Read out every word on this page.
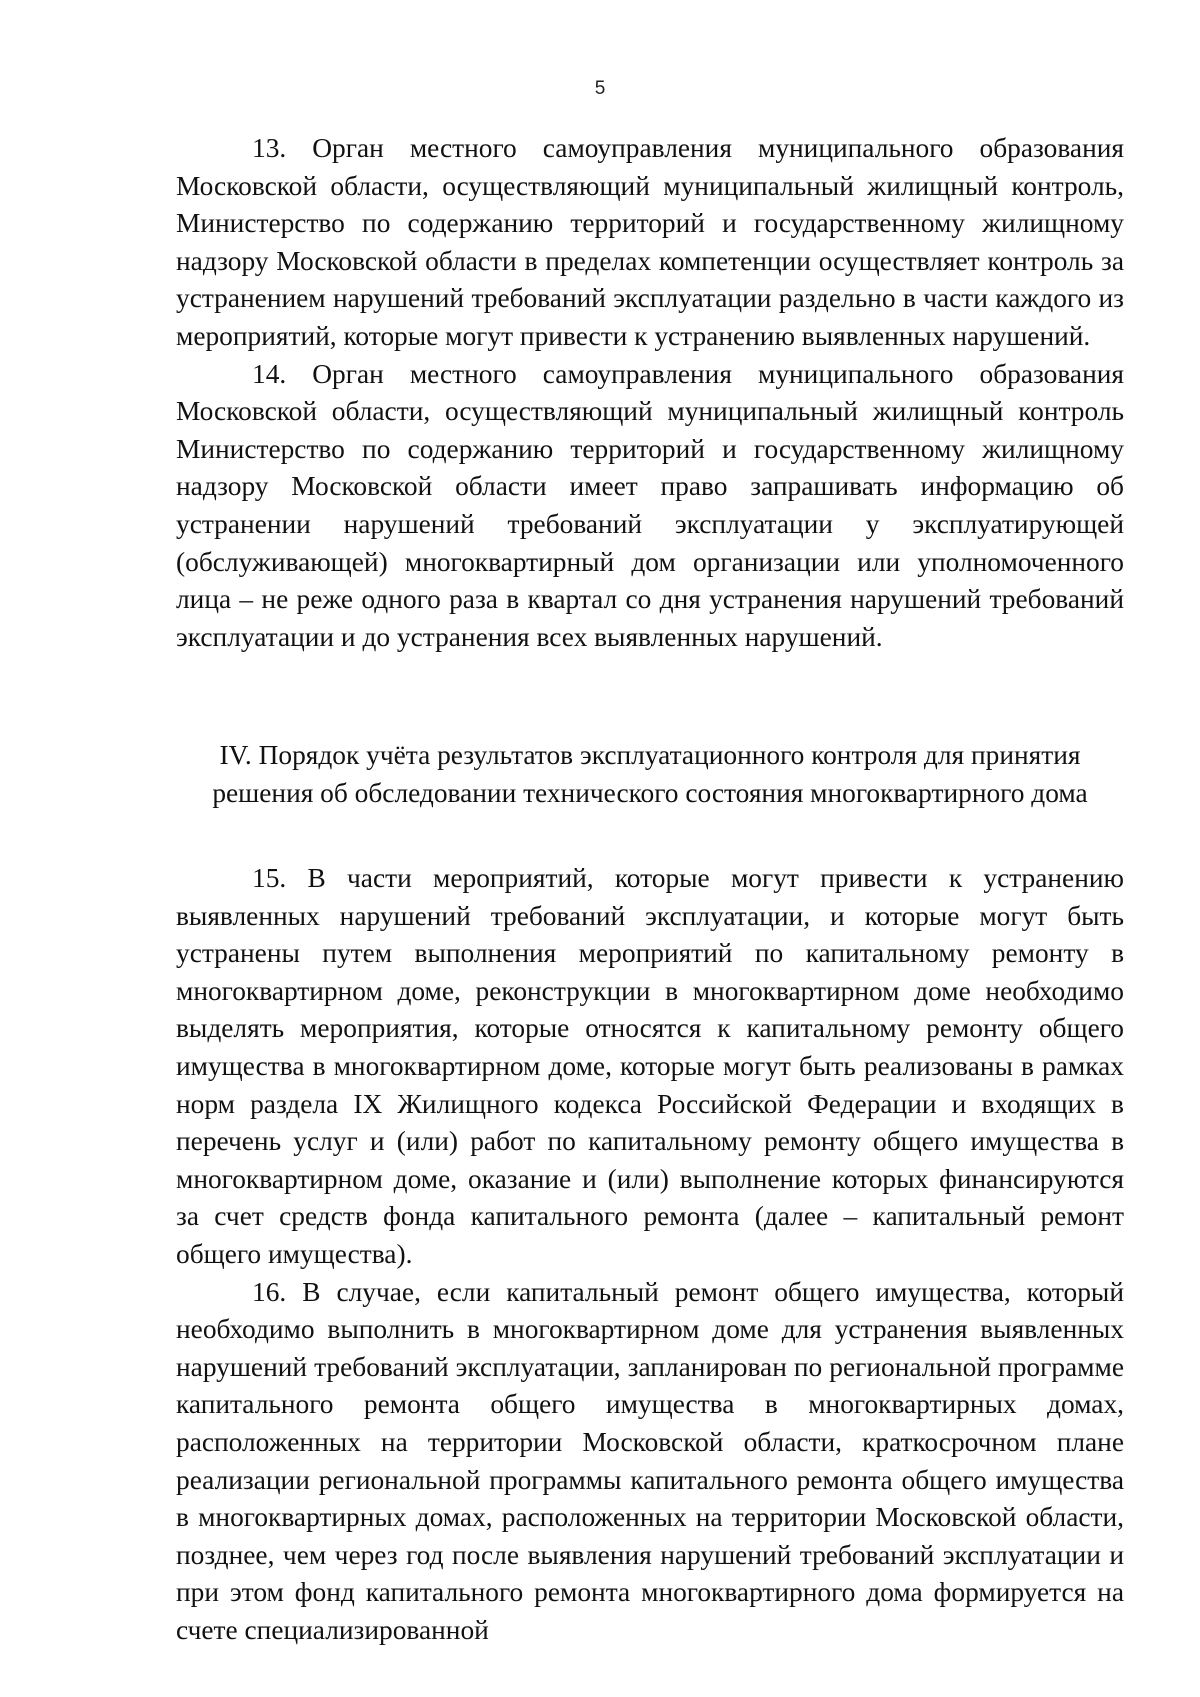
5

13. Орган местного самоуправления муниципального образования Московской области, осуществляющий муниципальный жилищный контроль, Министерство по содержанию территорий и государственному жилищному надзору Московской области в пределах компетенции осуществляет контроль за устранением нарушений требований эксплуатации раздельно в части каждого из мероприятий, которые могут привести к устранению выявленных нарушений.

14. Орган местного самоуправления муниципального образования Московской области, осуществляющий муниципальный жилищный контроль Министерство по содержанию территорий и государственному жилищному надзору Московской области имеет право запрашивать информацию об устранении нарушений требований эксплуатации у эксплуатирующей (обслуживающей) многоквартирный дом организации или уполномоченного лица – не реже одного раза в квартал со дня устранения нарушений требований эксплуатации и до устранения всех выявленных нарушений.

IV. Порядок учёта результатов эксплуатационного контроля для принятия
решения об обследовании технического состояния многоквартирного дома

15. В части мероприятий, которые могут привести к устранению выявленных нарушений требований эксплуатации, и которые могут быть устранены путем выполнения мероприятий по капитальному ремонту в многоквартирном доме, реконструкции в многоквартирном доме необходимо выделять мероприятия, которые относятся к капитальному ремонту общего имущества в многоквартирном доме, которые могут быть реализованы в рамках норм раздела IX Жилищного кодекса Российской Федерации и входящих в перечень услуг и (или) работ по капитальному ремонту общего имущества в многоквартирном доме, оказание и (или) выполнение которых финансируются за счет средств фонда капитального ремонта (далее – капитальный ремонт общего имущества).

16. В случае, если капитальный ремонт общего имущества, который необходимо выполнить в многоквартирном доме для устранения выявленных нарушений требований эксплуатации, запланирован по региональной программе капитального ремонта общего имущества в многоквартирных домах, расположенных на территории Московской области, краткосрочном плане реализации региональной программы капитального ремонта общего имущества в многоквартирных домах, расположенных на территории Московской области, позднее, чем через год после выявления нарушений требований эксплуатации и при этом фонд капитального ремонта многоквартирного дома формируется на счете специализированной
